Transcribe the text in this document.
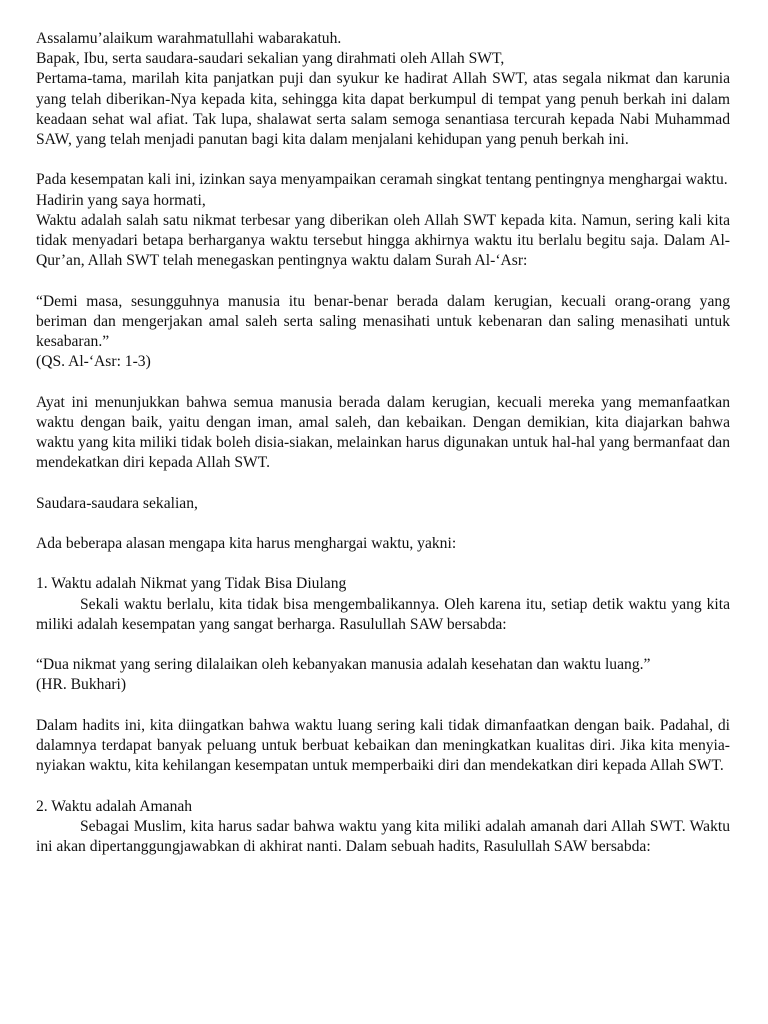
Assalamu’alaikum warahmatullahi wabarakatuh.

Bapak, Ibu, serta saudara-saudari sekalian yang dirahmati oleh Allah SWT,

Pertama-tama, marilah kita panjatkan puji dan syukur ke hadirat Allah SWT, atas segala nikmat dan karunia yang telah diberikan-Nya kepada kita, sehingga kita dapat berkumpul di tempat yang penuh berkah ini dalam keadaan sehat wal afiat. Tak lupa, shalawat serta salam semoga senantiasa tercurah kepada Nabi Muhammad SAW, yang telah menjadi panutan bagi kita dalam menjalani kehidupan yang penuh berkah ini.

Pada kesempatan kali ini, izinkan saya menyampaikan ceramah singkat tentang pentingnya menghargai waktu.

Hadirin yang saya hormati,

Waktu adalah salah satu nikmat terbesar yang diberikan oleh Allah SWT kepada kita. Namun, sering kali kita tidak menyadari betapa berharganya waktu tersebut hingga akhirnya waktu itu berlalu begitu saja. Dalam Al-Qur’an, Allah SWT telah menegaskan pentingnya waktu dalam Surah Al-‘Asr:

“Demi masa, sesungguhnya manusia itu benar-benar berada dalam kerugian, kecuali orang-orang yang beriman dan mengerjakan amal saleh serta saling menasihati untuk kebenaran dan saling menasihati untuk kesabaran.”

(QS. Al-‘Asr: 1-3)

Ayat ini menunjukkan bahwa semua manusia berada dalam kerugian, kecuali mereka yang memanfaatkan waktu dengan baik, yaitu dengan iman, amal saleh, dan kebaikan. Dengan demikian, kita diajarkan bahwa waktu yang kita miliki tidak boleh disia-siakan, melainkan harus digunakan untuk hal-hal yang bermanfaat dan mendekatkan diri kepada Allah SWT.

Saudara-saudara sekalian,

Ada beberapa alasan mengapa kita harus menghargai waktu, yakni:

1. Waktu adalah Nikmat yang Tidak Bisa Diulang

Sekali waktu berlalu, kita tidak bisa mengembalikannya. Oleh karena itu, setiap detik waktu yang kita miliki adalah kesempatan yang sangat berharga. Rasulullah SAW bersabda:

“Dua nikmat yang sering dilalaikan oleh kebanyakan manusia adalah kesehatan dan waktu luang.”

(HR. Bukhari)

Dalam hadits ini, kita diingatkan bahwa waktu luang sering kali tidak dimanfaatkan dengan baik. Padahal, di dalamnya terdapat banyak peluang untuk berbuat kebaikan dan meningkatkan kualitas diri. Jika kita menyia-nyiakan waktu, kita kehilangan kesempatan untuk memperbaiki diri dan mendekatkan diri kepada Allah SWT.

2. Waktu adalah Amanah

Sebagai Muslim, kita harus sadar bahwa waktu yang kita miliki adalah amanah dari Allah SWT. Waktu ini akan dipertanggungjawabkan di akhirat nanti. Dalam sebuah hadits, Rasulullah SAW bersabda:
